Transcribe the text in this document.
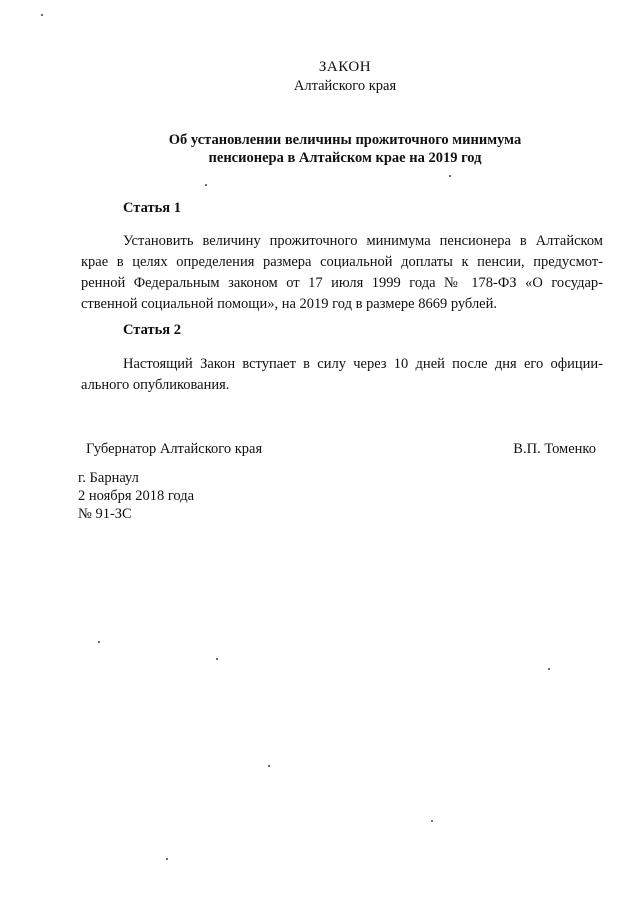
ЗАКОН
Алтайского края
Об установлении величины прожиточного минимума
пенсионера в Алтайском крае на 2019 год
Статья 1
Установить величину прожиточного минимума пенсионера в Алтайском
крае в целях определения размера социальной доплаты к пенсии, предусмот-
ренной Федеральным законом от 17 июля 1999 года № 178-ФЗ «О государ-
ственной социальной помощи», на 2019 год в размере 8669 рублей.
Статья 2
Настоящий Закон вступает в силу через 10 дней после дня его официи-
ального опубликования.
Губернатор Алтайского края	В.П. Томенко
г. Барнаул
2 ноября 2018 года
№ 91-ЗС
